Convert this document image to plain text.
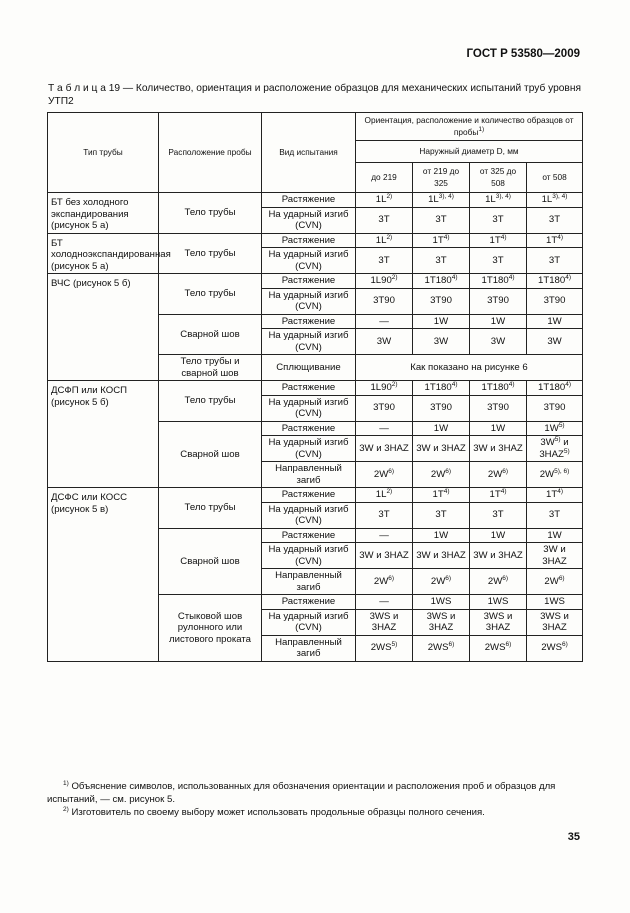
ГОСТ Р 53580—2009
Т а б л и ц а 19 — Количество, ориентация и расположение образцов для механических испытаний труб уровня УТП2
Тип трубы	Расположение пробы	Вид испытания	Ориентация, расположение и количество образцов от пробы$^{1)}$
			Наружный диаметр D, мм			
			до 219	от 219 до 325	от 325 до 508	от 508
БТ без холодного экспандирования (рисунок 5 а)	Тело трубы	Растяжение	$1L^{2)}$	$1L^{3), 4)}$	$1L^{3), 4)}$	$1L^{3), 4)}$
		На ударный изгиб (CVN)	3T	3T	3T	3T
БТ холодноэкспандированная (рисунок 5 а)	Тело трубы	Растяжение	$1L^{2)}$	$1T^{4)}$	$1T^{4)}$	$1T^{4)}$
		На ударный изгиб (CVN)	3T	3T	3T	3T
ВЧС (рисунок 5 б)	Тело трубы	Растяжение	1L90$^{2)}$	1T180$^{4)}$	1T180$^{4)}$	1T180$^{4)}$
		На ударный изгиб (CVN)	3T90	3T90	3T90	3T90
	Сварной шов	Растяжение	—	1W	1W	1W
		На ударный изгиб (CVN)	3W	3W	3W	3W
	Тело трубы и сварной шов	Сплющивание	Как показано на рисунке 6			
ДСФП или КОСП (рисунок 5 б)	Тело трубы	Растяжение	1L90$^{2)}$	1T180$^{4)}$	1T180$^{4)}$	1T180$^{4)}$
		На ударный изгиб (CVN)	3T90	3T90	3T90	3T90
	Сварной шов	Растяжение	—	1W	1W	$1W^{5)}$
		На ударный изгиб (CVN)	3W и 3HAZ	3W и 3HAZ	3W и 3HAZ	$3W^{5)}$ и
3HAZ$^{5)}$
		Направленный загиб	$2W^{6)}$	$2W^{6)}$	$2W^{6)}$	$2W^{5), 6)}$
ДСФС или КОСС (рисунок 5 в)	Тело трубы	Растяжение	$1L^{2)}$	$1T^{4)}$	$1T^{4)}$	$1T^{4)}$
		На ударный изгиб (CVN)	3T	3T	3T	3T
	Сварной шов	Растяжение	—	1W	1W	1W
		На ударный изгиб (CVN)	3W и 3HAZ	3W и 3HAZ	3W и 3HAZ	3W и 3HAZ
		Направленный загиб	$2W^{6)}$	$2W^{6)}$	$2W^{6)}$	$2W^{6)}$
	Стыковой шов рулонного или листового проката	Растяжение	—	1WS	1WS	1WS
		На ударный изгиб (CVN)	3WS и 3HAZ	3WS и 3HAZ	3WS и 3HAZ	3WS и 3HAZ
		Направленный загиб	2WS$^{5)}$	2WS$^{6)}$	2WS$^{6)}$	2WS$^{6)}$
$^{1)}$ Объяснение символов, использованных для обозначения ориентации и расположения проб и образцов для испытаний, — см. рисунок 5.
$^{2)}$ Изготовитель по своему выбору может использовать продольные образцы полного сечения.
35
